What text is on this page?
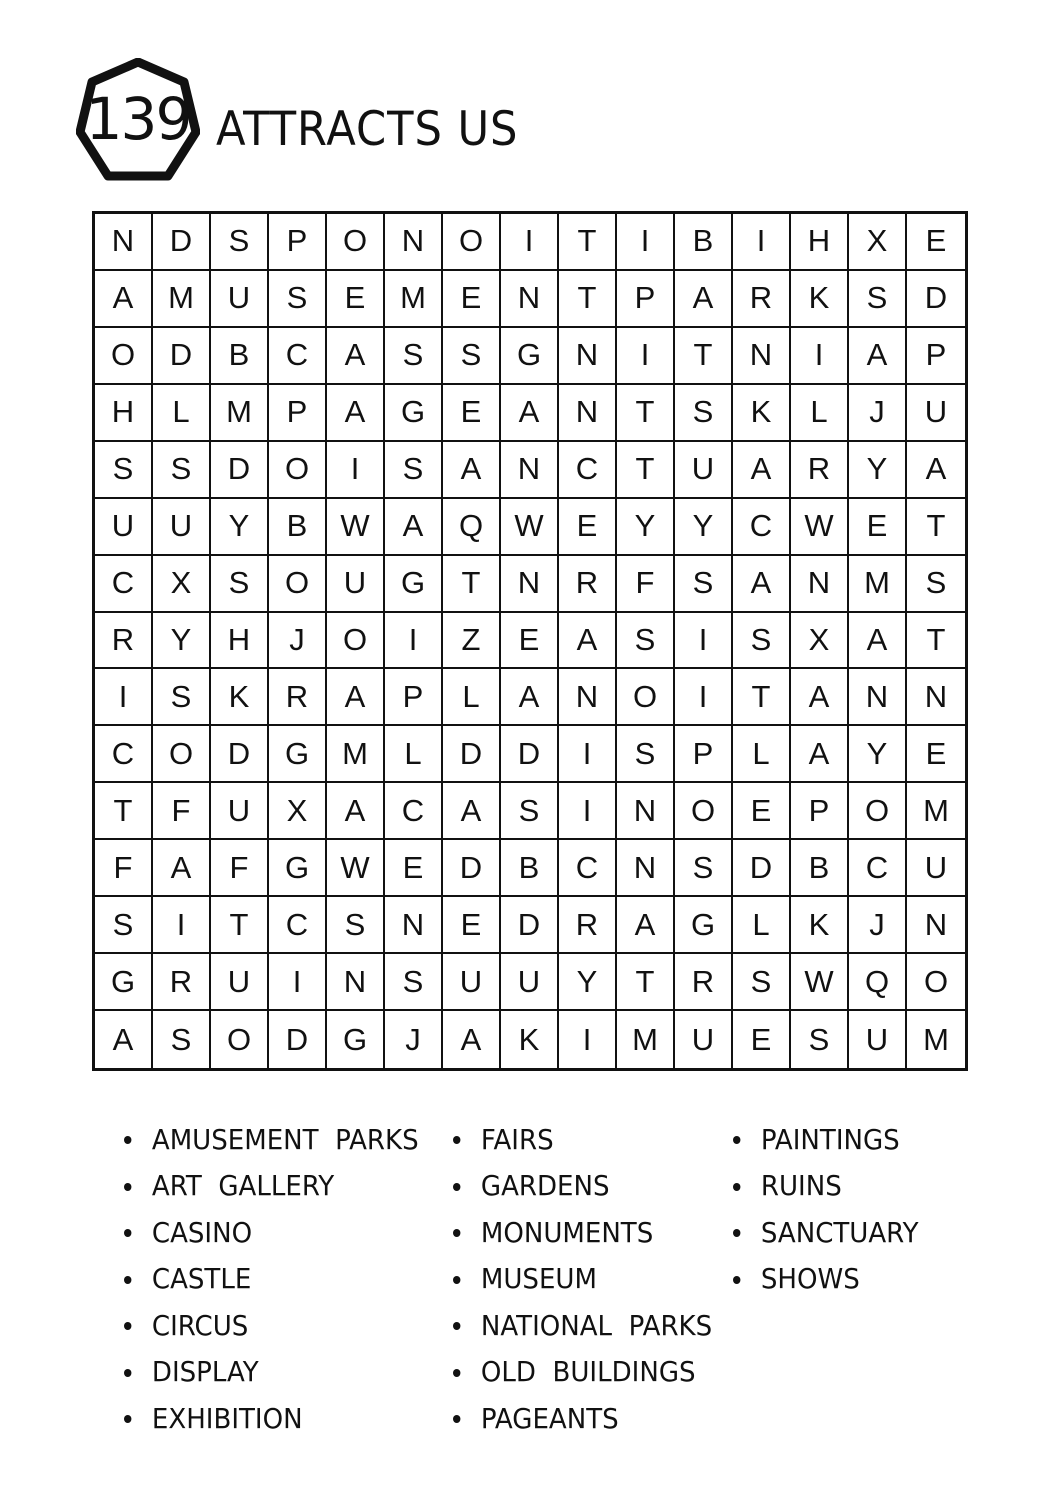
139 ATTRACTS US
N	D	S	P	O	N	O	I	T	I	B	I	H	X	E
A	M	U	S	E	M	E	N	T	P	A	R	K	S	D
O	D	B	C	A	S	S	G	N	I	T	N	I	A	P
H	L	M	P	A	G	E	A	N	T	S	K	L	J	U
S	S	D	O	I	S	A	N	C	T	U	A	R	Y	A
U	U	Y	B	W	A	Q	W	E	Y	Y	C	W	E	T
C	X	S	O	U	G	T	N	R	F	S	A	N	M	S
R	Y	H	J	O	I	Z	E	A	S	I	S	X	A	T
I	S	K	R	A	P	L	A	N	O	I	T	A	N	N
C	O	D	G	M	L	D	D	I	S	P	L	A	Y	E
T	F	U	X	A	C	A	S	I	N	O	E	P	O	M
F	A	F	G	W	E	D	B	C	N	S	D	B	C	U
S	I	T	C	S	N	E	D	R	A	G	L	K	J	N
G	R	U	I	N	S	U	U	Y	T	R	S	W	Q	O
A	S	O	D	G	J	A	K	I	M	U	E	S	U	M
AMUSEMENT  PARKS
ART  GALLERY
CASINO
CASTLE
CIRCUS
DISPLAY
EXHIBITION
FAIRS
GARDENS
MONUMENTS
MUSEUM
NATIONAL  PARKS
OLD  BUILDINGS
PAGEANTS
PAINTINGS
RUINS
SANCTUARY
SHOWS
